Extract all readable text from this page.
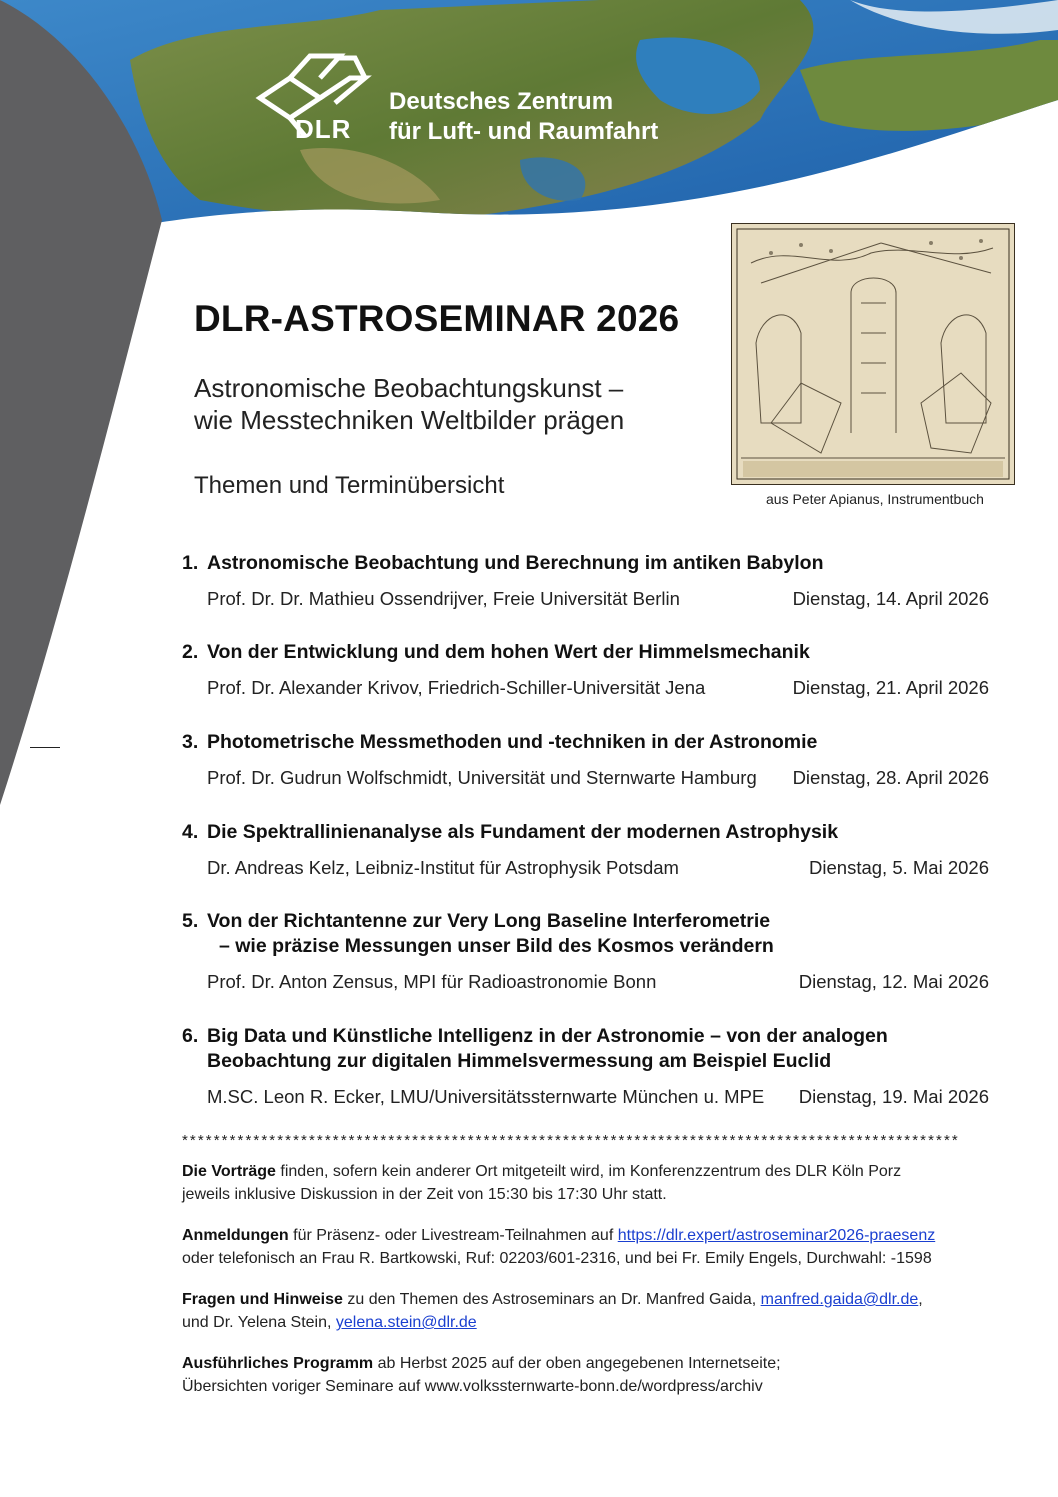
DLR
Deutsches Zentrum
für Luft- und Raumfahrt
DLR-ASTROSEMINAR 2026
Astronomische Beobachtungskunst –
wie Messtechniken Weltbilder prägen
Themen und Terminübersicht	aus Peter Apianus, Instrumentbuch
1. Astronomische Beobachtung und Berechnung im antiken Babylon
Prof. Dr. Dr. Mathieu Ossendrijver, Freie Universität Berlin	Dienstag, 14. April 2026
2. Von der Entwicklung und dem hohen Wert der Himmelsmechanik
Prof. Dr. Alexander Krivov, Friedrich-Schiller-Universität Jena	Dienstag, 21. April 2026
3. Photometrische Messmethoden und -techniken in der Astronomie
Prof. Dr. Gudrun Wolfschmidt, Universität und Sternwarte Hamburg Dienstag, 28. April 2026
4. Die Spektrallinienanalyse als Fundament der modernen Astrophysik
Dr. Andreas Kelz, Leibniz-Institut für Astrophysik Potsdam	Dienstag, 5. Mai 2026
5. Von der Richtantenne zur Very Long Baseline Interferometrie
– wie präzise Messungen unser Bild des Kosmos verändern
Prof. Dr. Anton Zensus, MPI für Radioastronomie Bonn	Dienstag, 12. Mai 2026
6. Big Data und Künstliche Intelligenz in der Astronomie – von der analogen
Beobachtung zur digitalen Himmelsvermessung am Beispiel Euclid
M.SC. Leon R. Ecker, LMU/Universitätssternwarte München u. MPE Dienstag, 19. Mai 2026
**************************************************************************************************
Die Vorträge finden, sofern kein anderer Ort mitgeteilt wird, im Konferenzzentrum des DLR Köln Porz
jeweils inklusive Diskussion in der Zeit von 15:30 bis 17:30 Uhr statt.
Anmeldungen für Präsenz- oder Livestream-Teilnahmen auf https://dlr.expert/astroseminar2026-praesenz
oder telefonisch an Frau R. Bartkowski, Ruf: 02203/601-2316, und bei Fr. Emily Engels, Durchwahl: -1598
Fragen und Hinweise zu den Themen des Astroseminars an Dr. Manfred Gaida, manfred.gaida@dlr.de,
und Dr. Yelena Stein, yelena.stein@dlr.de
Ausführliches Programm ab Herbst 2025 auf der oben angegebenen Internetseite;
Übersichten voriger Seminare auf www.volkssternwarte-bonn.de/wordpress/archiv
